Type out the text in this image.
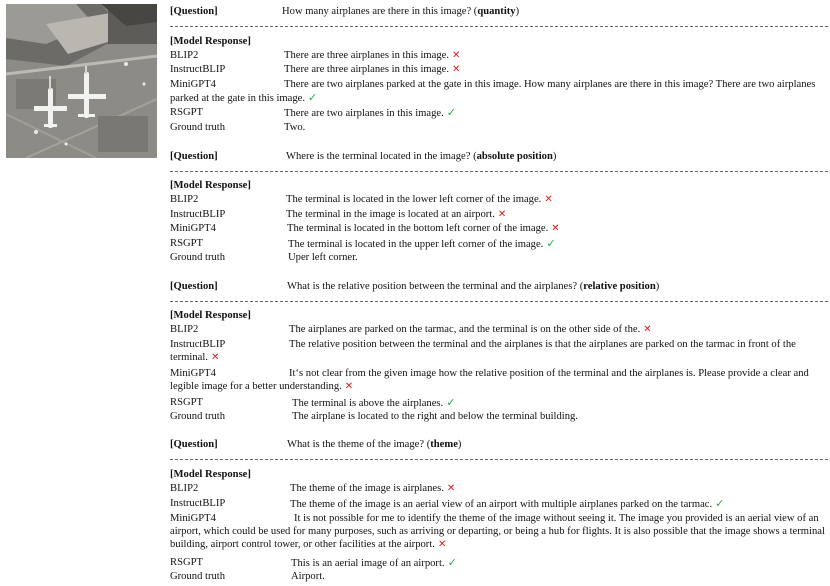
[Question]	How many airplanes are there in this image? (quantity)
[Model Response]
BLIP2	There are three airplanes in this image. ✕
InstructBLIP	There are three airplanes in this image. ✕
MiniGPT4	There are two airplanes parked at the gate in this image. How many airplanes are there in this image? There are two airplanes parked at the gate in this image. ✓
RSGPT	There are two airplanes in this image. ✓
Ground truth	Two.
[Question]	Where is the terminal located in the image? (absolute position)
[Model Response]
BLIP2	The terminal is located in the lower left corner of the image. ✕
InstructBLIP	The terminal in the image is located at an airport. ✕
MiniGPT4	The terminal is located in the bottom left corner of the image. ✕
RSGPT	The terminal is located in the upper left corner of the image. ✓
Ground truth	Uper left corner.
[Question]	What is the relative position between the terminal and the airplanes? (relative position)
[Model Response]
BLIP2	The airplanes are parked on the tarmac, and the terminal is on the other side of the. ✕
InstructBLIP	The relative position between the terminal and the airplanes is that the airplanes are parked on the tarmac in front of the terminal. ✕
MiniGPT4	It‘s not clear from the given image how the relative position of the terminal and the airplanes is. Please provide a clear and legible image for a better understanding. ✕
RSGPT	The terminal is above the airplanes. ✓
Ground truth	The airplane is located to the right and below the terminal building.
[Question]	What is the theme of the image? (theme)
[Model Response]
BLIP2	The theme of the image is airplanes. ✕
InstructBLIP	The theme of the image is an aerial view of an airport with multiple airplanes parked on the tarmac. ✓
MiniGPT4	It is not possible for me to identify the theme of the image without seeing it. The image you provided is an aerial view of an airport, which could be used for many purposes, such as arriving or departing, or being a hub for flights. It is also possible that the image shows a terminal building, airport control tower, or other facilities at the airport. ✕
RSGPT	This is an aerial image of an airport. ✓
Ground truth	Airport.
